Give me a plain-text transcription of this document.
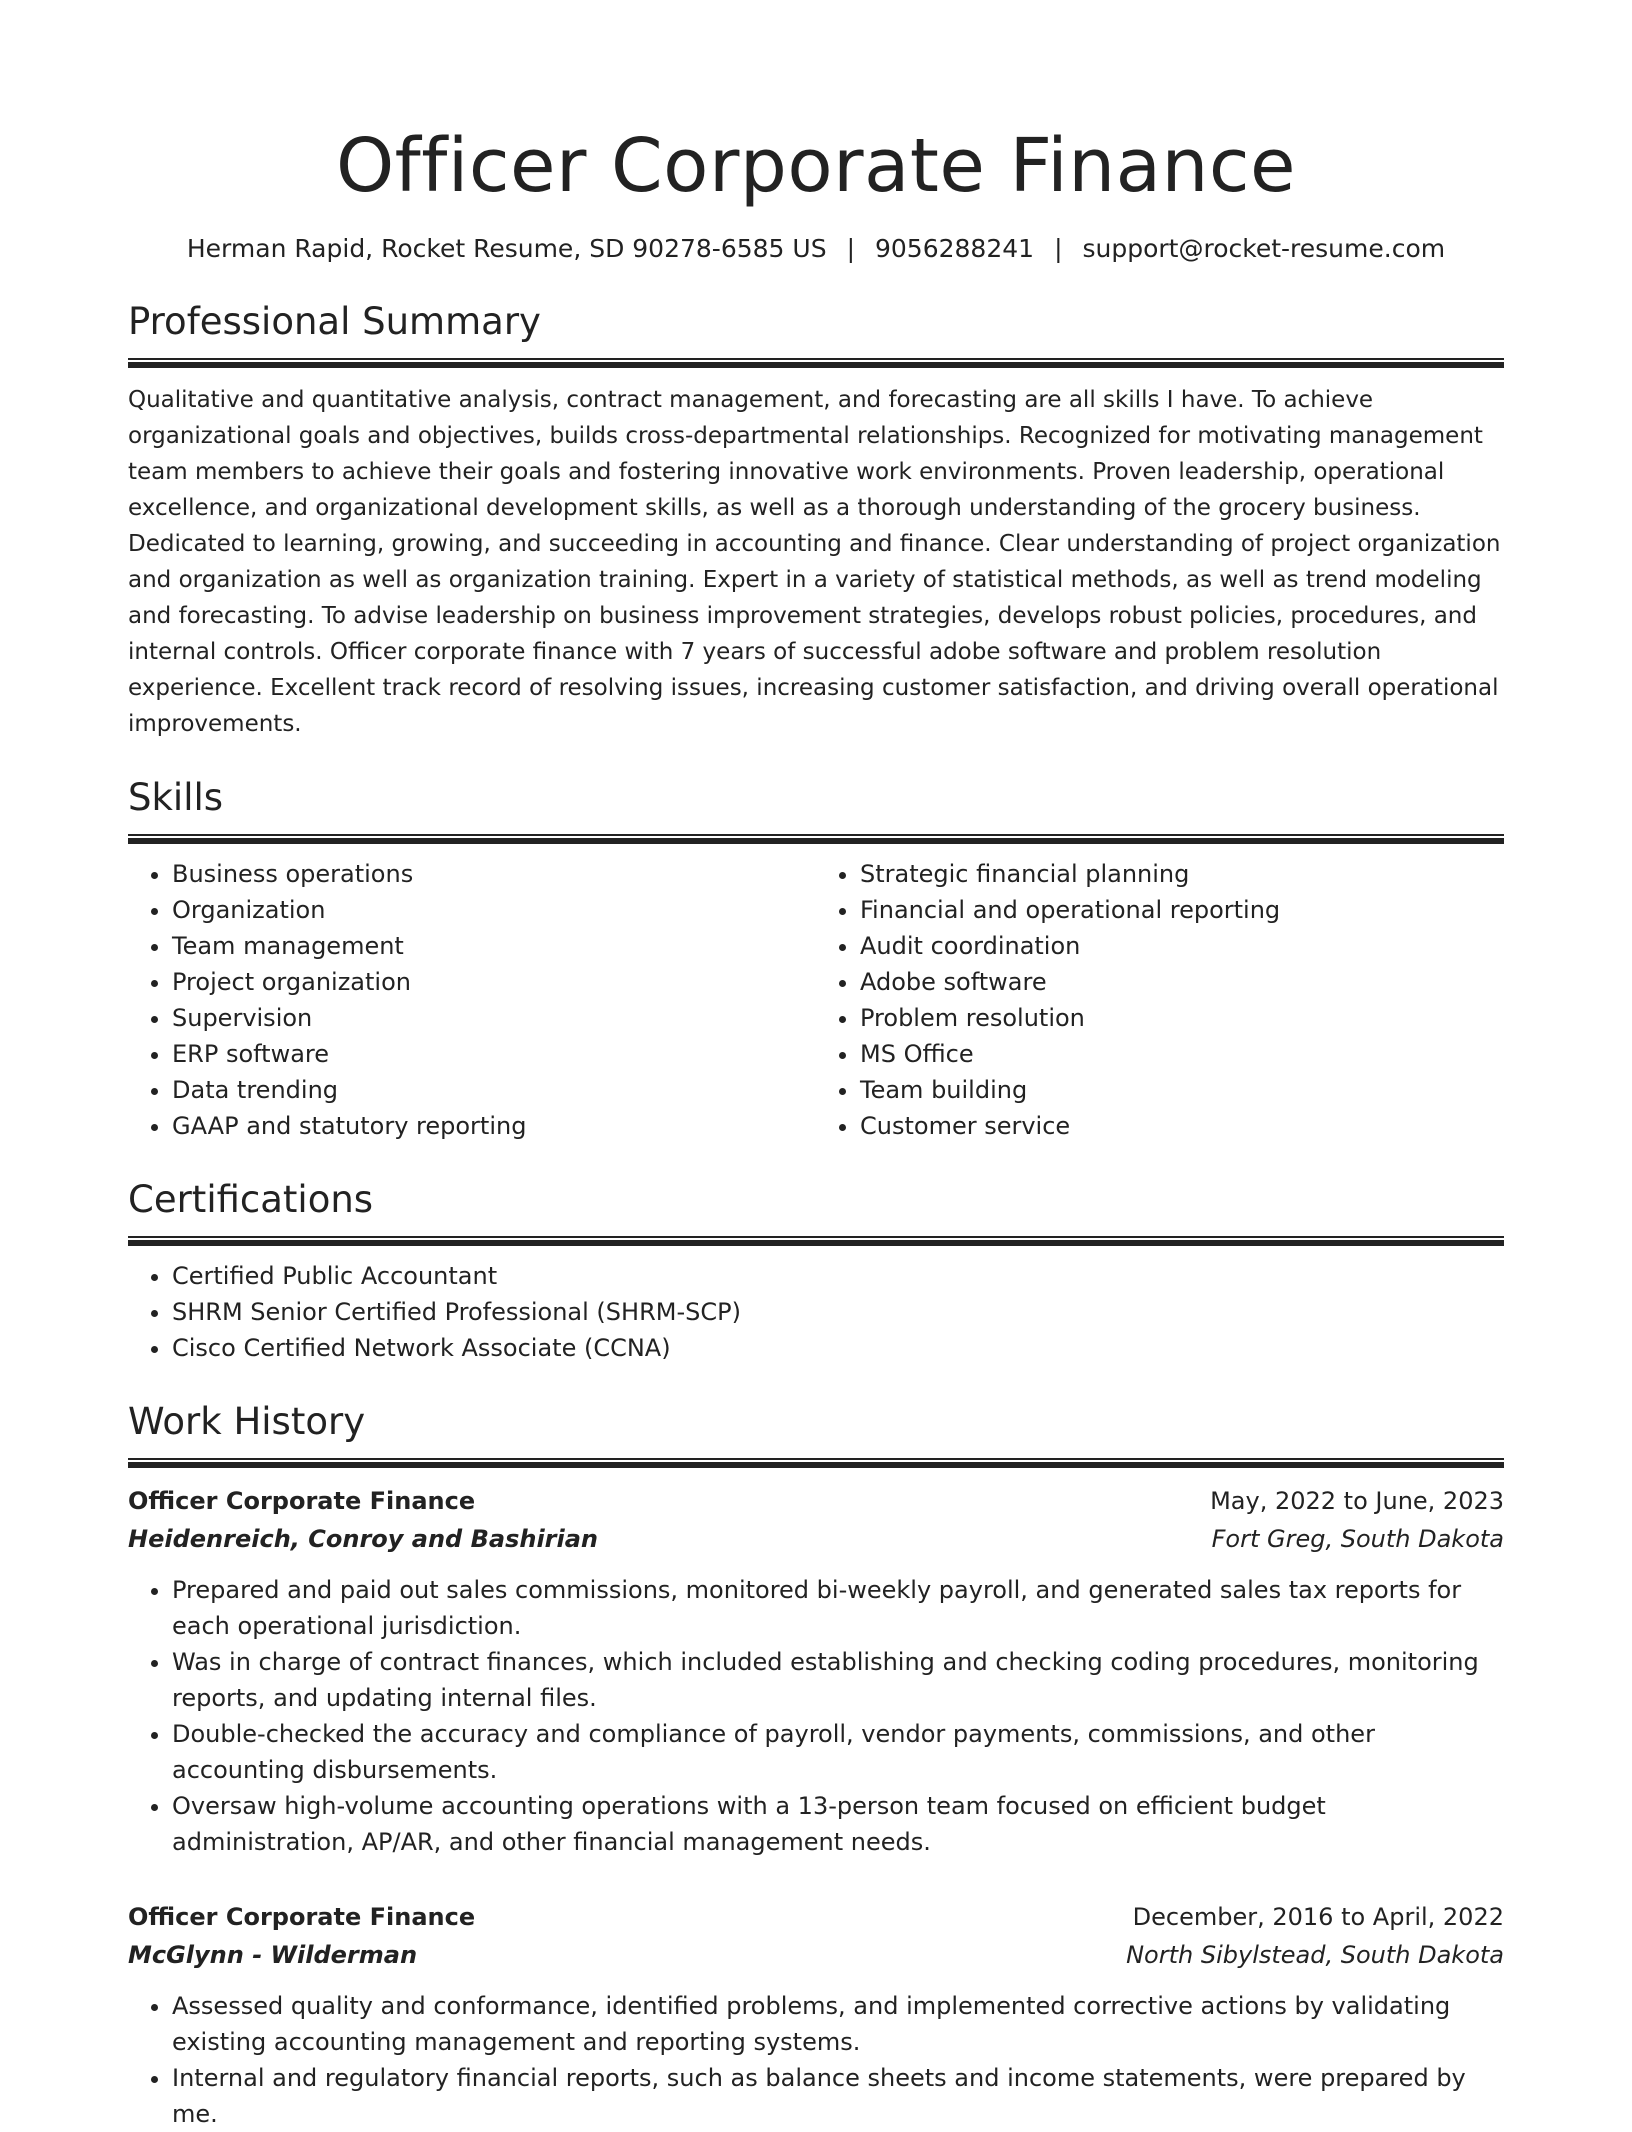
Officer Corporate Finance
Herman Rapid, Rocket Resume, SD 90278-6585 US | 9056288241 | support@rocket-resume.com
Professional Summary
Qualitative and quantitative analysis, contract management, and forecasting are all skills I have. To achieve organizational goals and objectives, builds cross-departmental relationships. Recognized for motivating management team members to achieve their goals and fostering innovative work environments. Proven leadership, operational excellence, and organizational development skills, as well as a thorough understanding of the grocery business. Dedicated to learning, growing, and succeeding in accounting and finance. Clear understanding of project organization and organization as well as organization training. Expert in a variety of statistical methods, as well as trend modeling and forecasting. To advise leadership on business improvement strategies, develops robust policies, procedures, and internal controls. Officer corporate finance with 7 years of successful adobe software and problem resolution experience. Excellent track record of resolving issues, increasing customer satisfaction, and driving overall operational improvements.
Skills
• Business operations
• Organization
• Team management
• Project organization
• Supervision
• ERP software
• Data trending
• GAAP and statutory reporting
• Strategic financial planning
• Financial and operational reporting
• Audit coordination
• Adobe software
• Problem resolution
• MS Office
• Team building
• Customer service
Certifications
• Certified Public Accountant
• SHRM Senior Certified Professional (SHRM-SCP)
• Cisco Certified Network Associate (CCNA)
Work History
Officer Corporate Finance	May, 2022 to June, 2023
Heidenreich, Conroy and Bashirian	Fort Greg, South Dakota
• Prepared and paid out sales commissions, monitored bi-weekly payroll, and generated sales tax reports for each operational jurisdiction.
• Was in charge of contract finances, which included establishing and checking coding procedures, monitoring reports, and updating internal files.
• Double-checked the accuracy and compliance of payroll, vendor payments, commissions, and other accounting disbursements.
• Oversaw high-volume accounting operations with a 13-person team focused on efficient budget administration, AP/AR, and other financial management needs.
Officer Corporate Finance	December, 2016 to April, 2022
McGlynn - Wilderman	North Sibylstead, South Dakota
• Assessed quality and conformance, identified problems, and implemented corrective actions by validating existing accounting management and reporting systems.
• Internal and regulatory financial reports, such as balance sheets and income statements, were prepared by me.
